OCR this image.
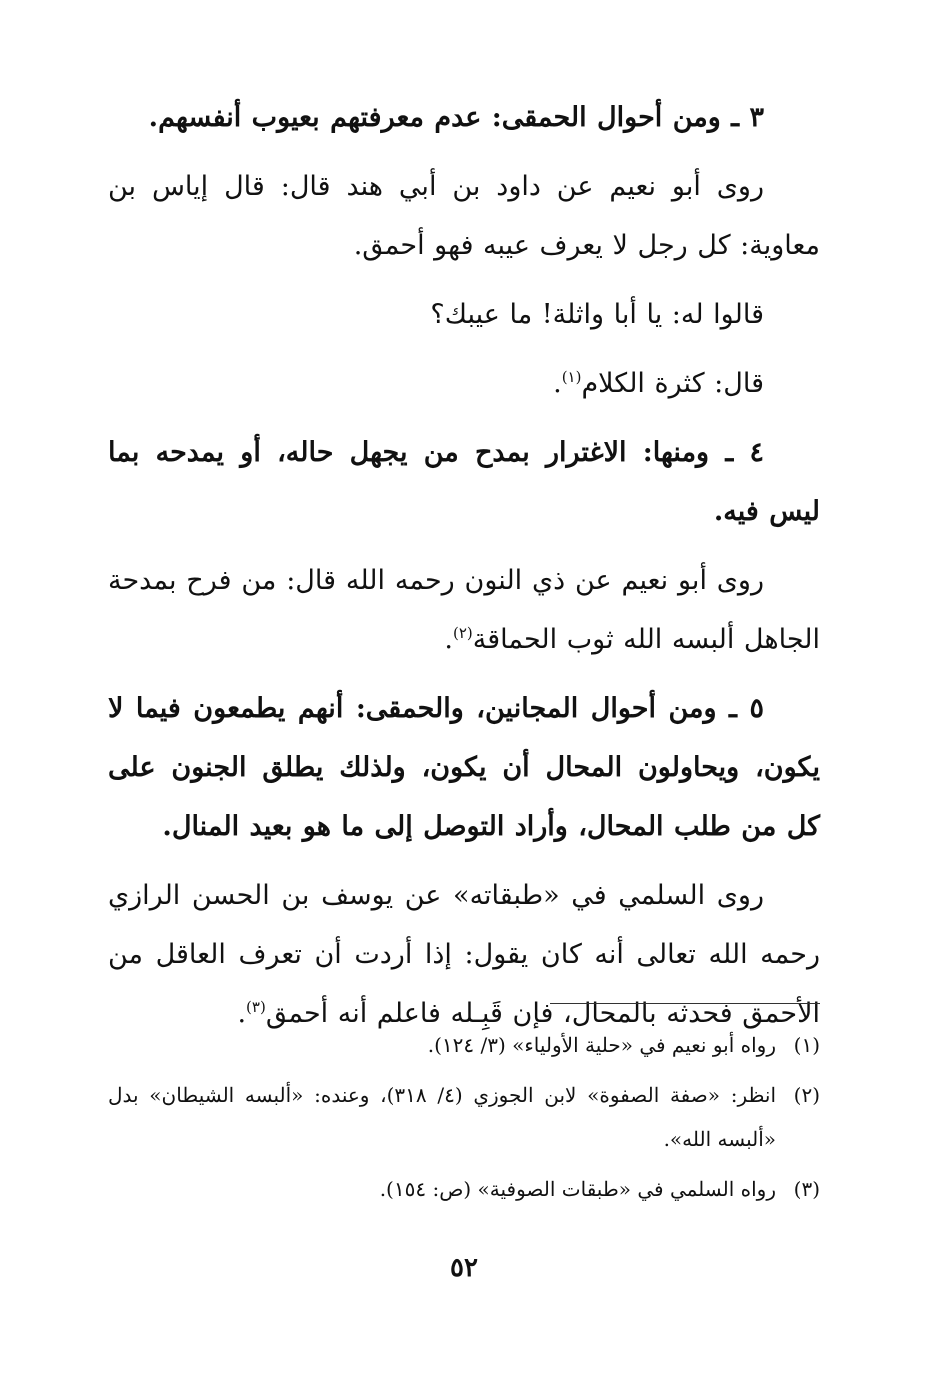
٣ ـ ومن أحوال الحمقى: عدم معرفتهم بعيوب أنفسهم.

روى أبو نعيم عن داود بن أبي هند قال: قال إياس بن معاوية: كل رجل لا يعرف عيبه فهو أحمق.

قالوا له: يا أبا واثلة! ما عيبك؟

قال: كثرة الكلام$^{(١)}$.

٤ ـ ومنها: الاغترار بمدح من يجهل حاله، أو يمدحه بما ليس فيه.

روى أبو نعيم عن ذي النون رحمه الله قال: من فرح بمدحة الجاهل ألبسه الله ثوب الحماقة$^{(٢)}$.

٥ ـ ومن أحوال المجانين، والحمقى: أنهم يطمعون فيما لا يكون، ويحاولون المحال أن يكون، ولذلك يطلق الجنون على كل من طلب المحال، وأراد التوصل إلى ما هو بعيد المنال.

روى السلمي في «طبقاته» عن يوسف بن الحسن الرازي رحمه الله تعالى أنه كان يقول: إذا أردت أن تعرف العاقل من الأحمق فحدثه بالمحال، فإن قَبِـله فاعلم أنه أحمق$^{(٣)}$.

(١)
رواه أبو نعيم في «حلية الأولياء» (٣/ ١٢٤).
(٢)
انظر: «صفة الصفوة» لابن الجوزي (٤/ ٣١٨)، وعنده: «ألبسه الشيطان» بدل «ألبسه الله».
(٣)
رواه السلمي في «طبقات الصوفية» (ص: ١٥٤).
٥٢
